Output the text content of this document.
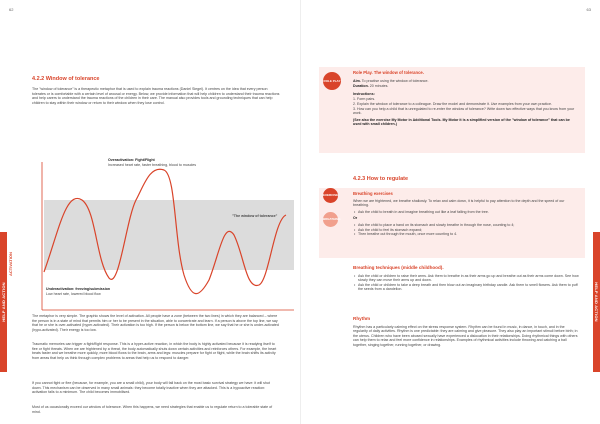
62
HELP AND ACTION
4.2.2 Window of tolerance
The "window of tolerance" is a therapeutic metaphor that is used to explain trauma reactions (Daniel Siegel). It centres on the idea that every person tolerates or is comfortable with a certain level of arousal or energy. Below, we provide information that will help children to understand their trauma reactions and help carers to understand the trauma reactions of the children in their care. The manual also provides tools and grounding techniques that can help children to stay within their window or return to their window when they lose control.
ACTIVATION
Overactivation: Fight/Flight
Increased heart rate, faster breathing, blood to muscles
"The window of tolerance"
Underactivation: freezing/submission
Low heart rate, lowered blood flow
The metaphor is very simple. The graphic shows the level of activation. All people have a zone (between the two lines) in which they are balanced – where the person is in a state of mind that permits him or her to be present in the situation, able to concentrate and learn. If a person is above the top line, we say that he or she is over-activated (hyper-activated). Their activation is too high. If the person is below the bottom line, we say that he or she is under-activated (hypo-activated). Their energy is too low.
Traumatic memories can trigger a fight/flight response. This is a hyper-active reaction, in which the body is highly activated because it is readying itself to flee or fight threats. When we are frightened by a threat, the body automatically shuts down certain activities and reinforces others. For example, the heart beats faster and we breathe more quickly, more blood flows to the brain, arms and legs: muscles prepare for fight or flight, while the brain shifts its activity from areas that help us think through complex problems to areas that help us to respond to danger.
If you cannot fight or flee (because, for example, you are a small child), your body will fall back on the most basic survival strategy we have: it will shut down. This mechanism can be observed in many small animals: they become totally inactive when they are attacked. This is a hypoactive reaction: activation falls to a minimum. The child becomes immobilised.
Most of us occasionally exceed our window of tolerance. When this happens, we need strategies that enable us to regulate return to a tolerable state of mind.
63
HELP AND ACTION
ROLE PLAY
Role Play. The window of tolerance.
Aim. To practise using the window of tolerance.
Duration. 20 minutes.
Instructions:
1. Form pairs.
2. Explain the window of tolerance to a colleague. Draw the model and demonstrate it. Use examples from your own practice.
3. How can you help a child that is unregulated to re-enter the window of tolerance? Write down two effective ways that you know from your work.
(See also the exercise My Motor in Additional Tools. My Motor it is a simplified version of the "window of tolerance" that can be used with small children.)
4.2.3 How to regulate
EXERCISE
BREATHING
Breathing exercises
When we are frightened, we breathe shallowly. To relax and calm down, it is helpful to pay attention to the depth and the speed of our breathing.
• Ask the child to breath in and imagine breathing out like a leaf falling from the tree.
Or
• Ask the child to place a hand on its stomach and slowly breathe in through the nose, counting to 4;
• Ask the child to feel its stomach expand;
• Then breathe out through the mouth, once more counting to 4.
Breathing techniques (middle childhood).
• Ask the child or children to raise their arms. Ask them to breathe in as their arms go up and breathe out as their arms come down. See how slowly they can move their arms up and down.
• Ask the child or children to take a deep breath and then blow out an imaginary birthday candle. Ask them to smell flowers. Ask them to puff the seeds from a dandelion.
Rhythm
Rhythm has a particularly calming effect on the stress response system. Rhythm can be found in music, in dance, in touch, and in the regularity of daily activities. Rhythm is one predictable: they are calming and give pleasure. They also play an important stimuli before birth; in the uterus. Children who have been abused sexually have experienced a dislocation in their relationships. Doing rhythmical things with others can help them to relax and feel more confidence in relationships. Examples of rhythmical activities include throwing and catching a ball together, singing together, running together, or drawing.
